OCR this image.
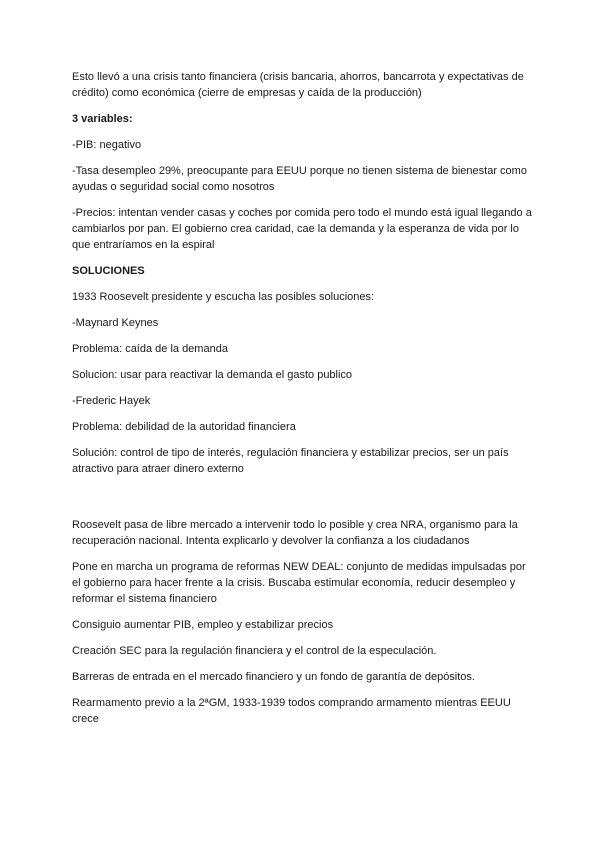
Esto llevó a una crisis tanto financiera (crisis bancaria, ahorros, bancarrota y expectativas de crédito) como económica (cierre de empresas y caída de la producción)

3 variables:

-PIB: negativo

-Tasa desempleo 29%, preocupante para EEUU porque no tienen sistema de bienestar como ayudas o seguridad social como nosotros

-Precios: intentan vender casas y coches por comida pero todo el mundo está igual llegando a cambiarlos por pan. El gobierno crea caridad, cae la demanda y la esperanza de vida por lo que entraríamos en la espiral

SOLUCIONES

1933 Roosevelt presidente y escucha las posibles soluciones:

-Maynard Keynes

Problema: caída de la demanda

Solucion: usar para reactivar la demanda el gasto publico

-Frederic Hayek

Problema: debilidad de la autoridad financiera

Solución: control de tipo de interés, regulación financiera y estabilizar precios, ser un país atractivo para atraer dinero externo

Roosevelt pasa de libre mercado a intervenir todo lo posible y crea NRA, organismo para la recuperación nacional. Intenta explicarlo y devolver la confianza a los ciudadanos

Pone en marcha un programa de reformas NEW DEAL: conjunto de medidas impulsadas por el gobierno para hacer frente a la crisis. Buscaba estimular economía, reducir desempleo y reformar el sistema financiero

Consiguio aumentar PIB, empleo y estabilizar precios

Creación SEC para la regulación financiera y el control de la especulación.

Barreras de entrada en el mercado financiero y un fondo de garantía de depósitos.

Rearmamento previo a la 2ªGM, 1933-1939 todos comprando armamento mientras EEUU crece
